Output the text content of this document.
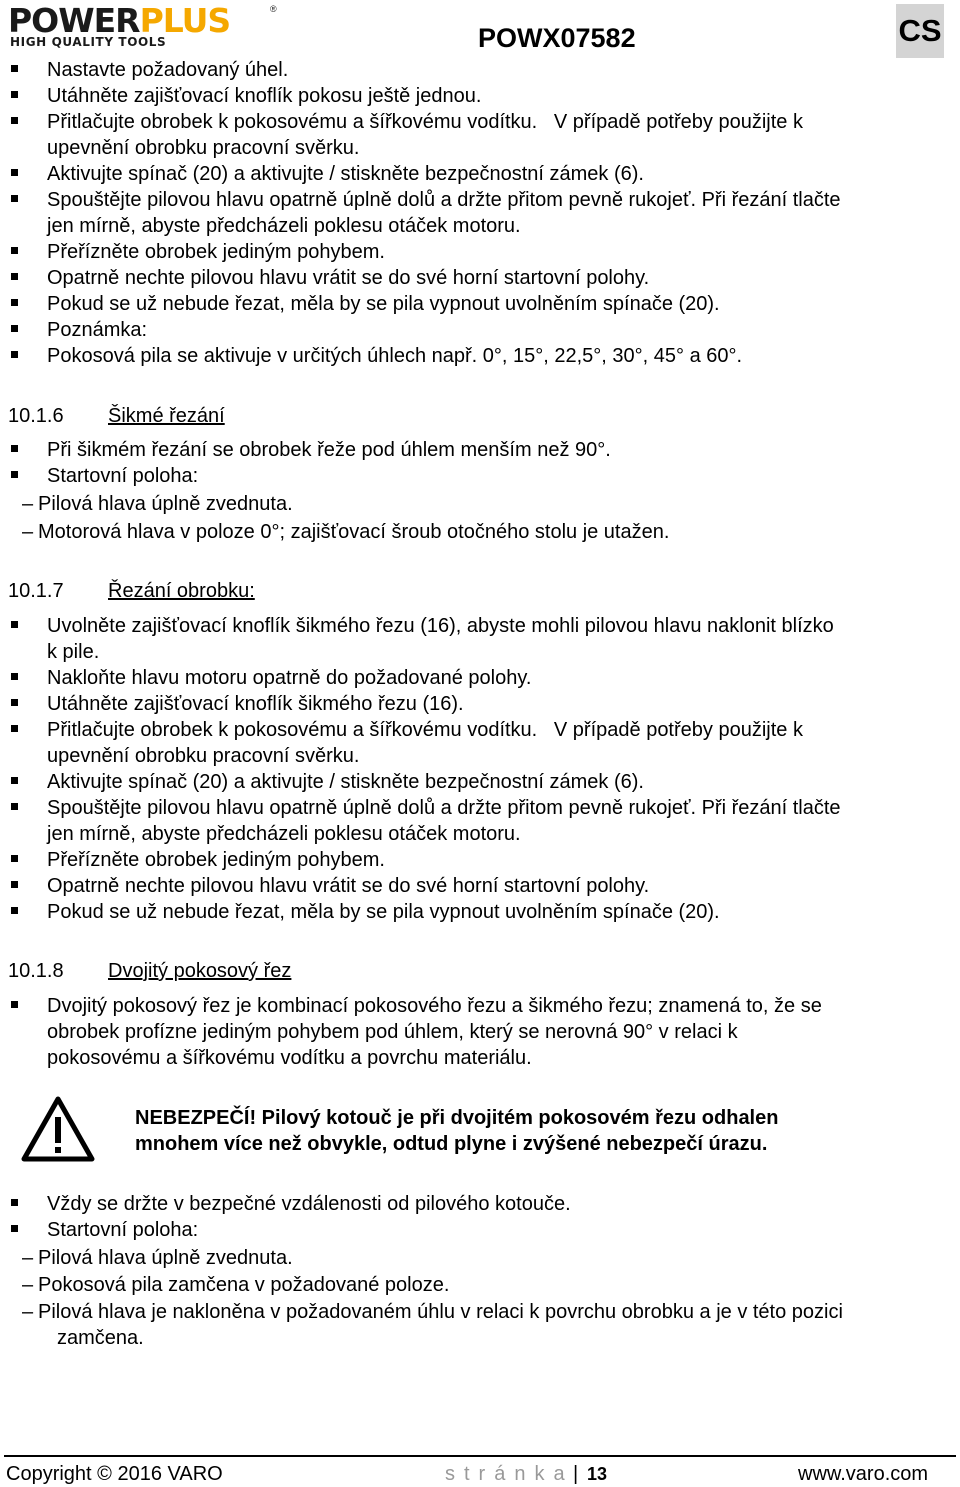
POWERPLUS	®
HIGH QUALITY TOOLS	POWX07582	CS
Nastavte požadovaný úhel.
Utáhněte zajišťovací knoflík pokosu ještě jednou.
Přitlačujte obrobek k pokosovému a šířkovému vodítku.   V případě potřeby použijte k
upevnění obrobku pracovní svěrku.
Aktivujte spínač (20) a aktivujte / stiskněte bezpečnostní zámek (6).
Spouštějte pilovou hlavu opatrně úplně dolů a držte přitom pevně rukojeť. Při řezání tlačte
jen mírně, abyste předcházeli poklesu otáček motoru.
Přeřízněte obrobek jediným pohybem.
Opatrně nechte pilovou hlavu vrátit se do své horní startovní polohy.
Pokud se už nebude řezat, měla by se pila vypnout uvolněním spínače (20).
Poznámka:
Pokosová pila se aktivuje v určitých úhlech např. 0°, 15°, 22,5°, 30°, 45° a 60°.
10.1.6 Šikmé řezání
Při šikmém řezání se obrobek řeže pod úhlem menším než 90°.
Startovní poloha:
– Pilová hlava úplně zvednuta.
– Motorová hlava v poloze 0°; zajišťovací šroub otočného stolu je utažen.
10.1.7 Řezání obrobku:
Uvolněte zajišťovací knoflík šikmého řezu (16), abyste mohli pilovou hlavu naklonit blízko
k pile.
Nakloňte hlavu motoru opatrně do požadované polohy.
Utáhněte zajišťovací knoflík šikmého řezu (16).
Přitlačujte obrobek k pokosovému a šířkovému vodítku.   V případě potřeby použijte k
upevnění obrobku pracovní svěrku.
Aktivujte spínač (20) a aktivujte / stiskněte bezpečnostní zámek (6).
Spouštějte pilovou hlavu opatrně úplně dolů a držte přitom pevně rukojeť. Při řezání tlačte
jen mírně, abyste předcházeli poklesu otáček motoru.
Přeřízněte obrobek jediným pohybem.
Opatrně nechte pilovou hlavu vrátit se do své horní startovní polohy.
Pokud se už nebude řezat, měla by se pila vypnout uvolněním spínače (20).
10.1.8 Dvojitý pokosový řez
Dvojitý pokosový řez je kombinací pokosového řezu a šikmého řezu; znamená to, že se
obrobek profízne jediným pohybem pod úhlem, který se nerovná 90° v relaci k
pokosovému a šířkovému vodítku a povrchu materiálu.
NEBEZPEČÍ! Pilový kotouč je při dvojitém pokosovém řezu odhalen
mnohem více než obvykle, odtud plyne i zvýšené nebezpečí úrazu.
Vždy se držte v bezpečné vzdálenosti od pilového kotouče.
Startovní poloha:
– Pilová hlava úplně zvednuta.
– Pokosová pila zamčena v požadované poloze.
– Pilová hlava je nakloněna v požadovaném úhlu v relaci k povrchu obrobku a je v této pozici
zamčena.
Copyright © 2016 VARO	stránka | 13	www.varo.com
